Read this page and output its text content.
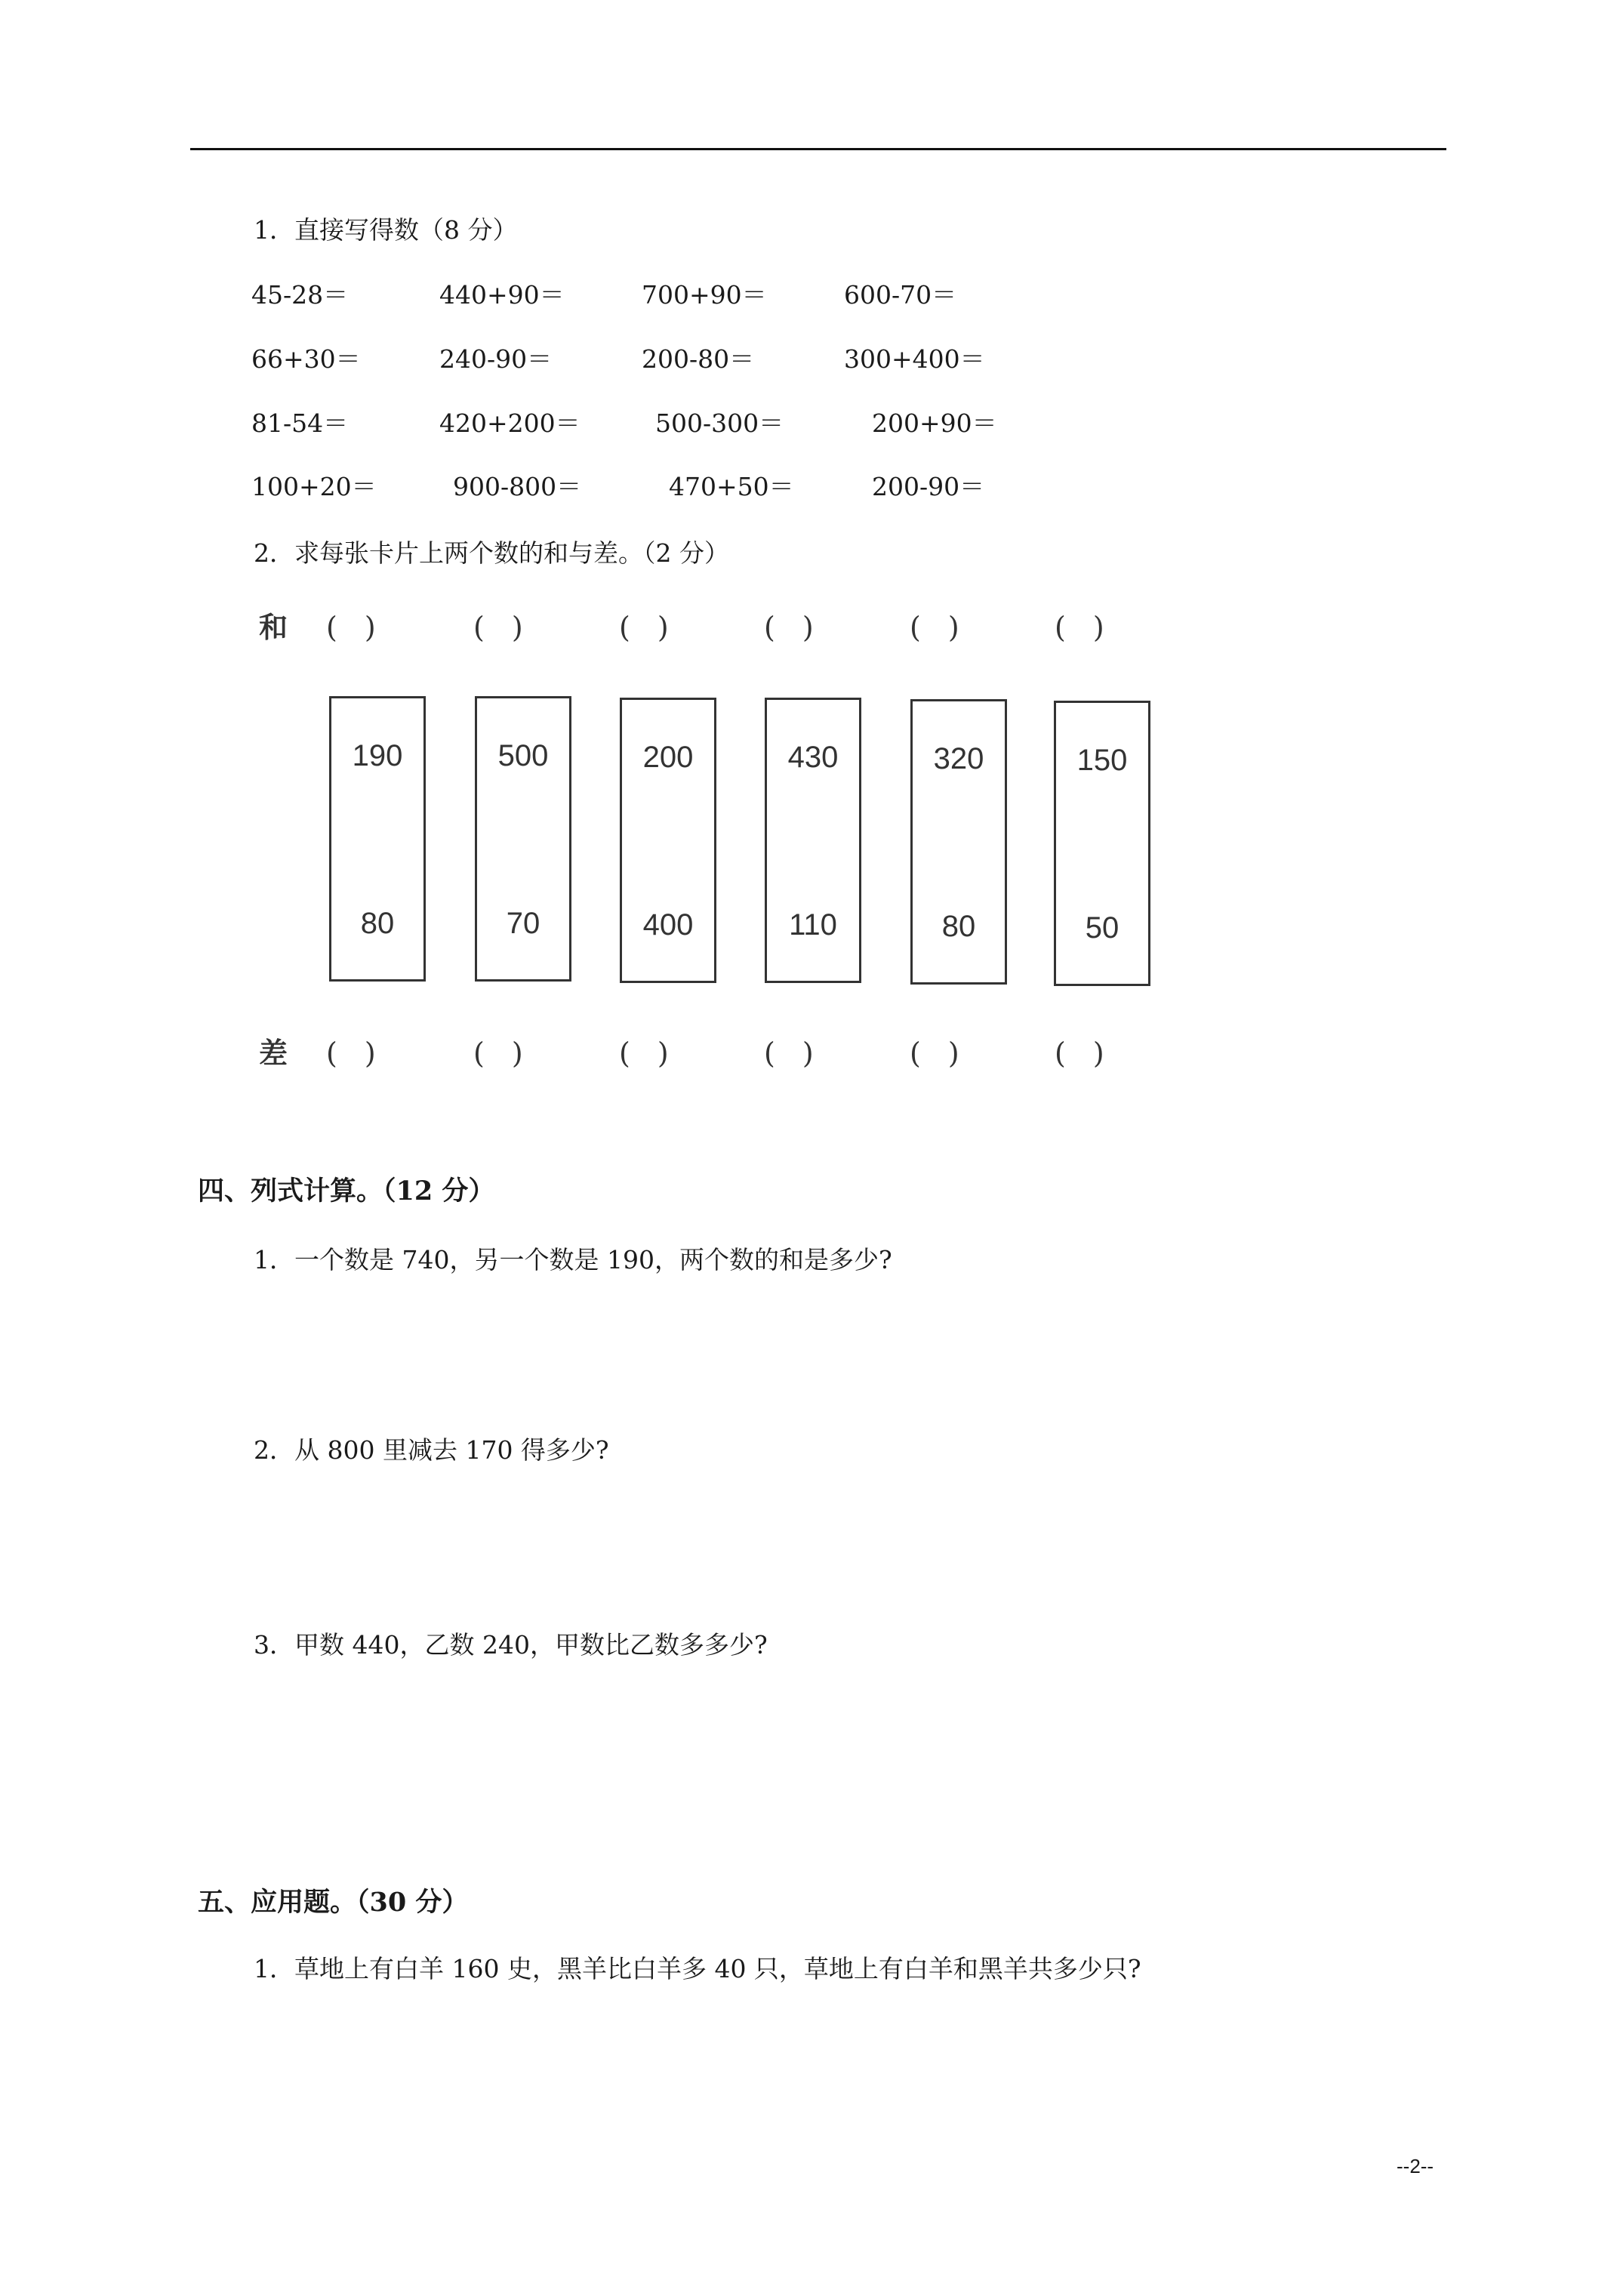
1．直接写得数（8 分）
45-28＝	440+90＝	700+90＝	600-70＝
66+30＝	240-90＝	200-80＝	300+400＝
81-54＝	420+200＝	500-300＝	200+90＝
100+20＝	900-800＝	470+50＝	200-90＝
2．求每张卡片上两个数的和与差。（2 分）
和 ( )	( )	( )	( )	( )	( )
190
80
500
70
200
400
430
110
320
80
150
50
差 ( )	( )	( )	( )	( )	( )
四、列式计算。（12 分）
1．一个数是 740，另一个数是 190，两个数的和是多少?
2．从 800 里减去 170 得多少?
3．甲数 440，乙数 240，甲数比乙数多多少?
五、应用题。（30 分）
1．草地上有白羊 160 史，黑羊比白羊多 40 只，草地上有白羊和黑羊共多少只?
--2--
